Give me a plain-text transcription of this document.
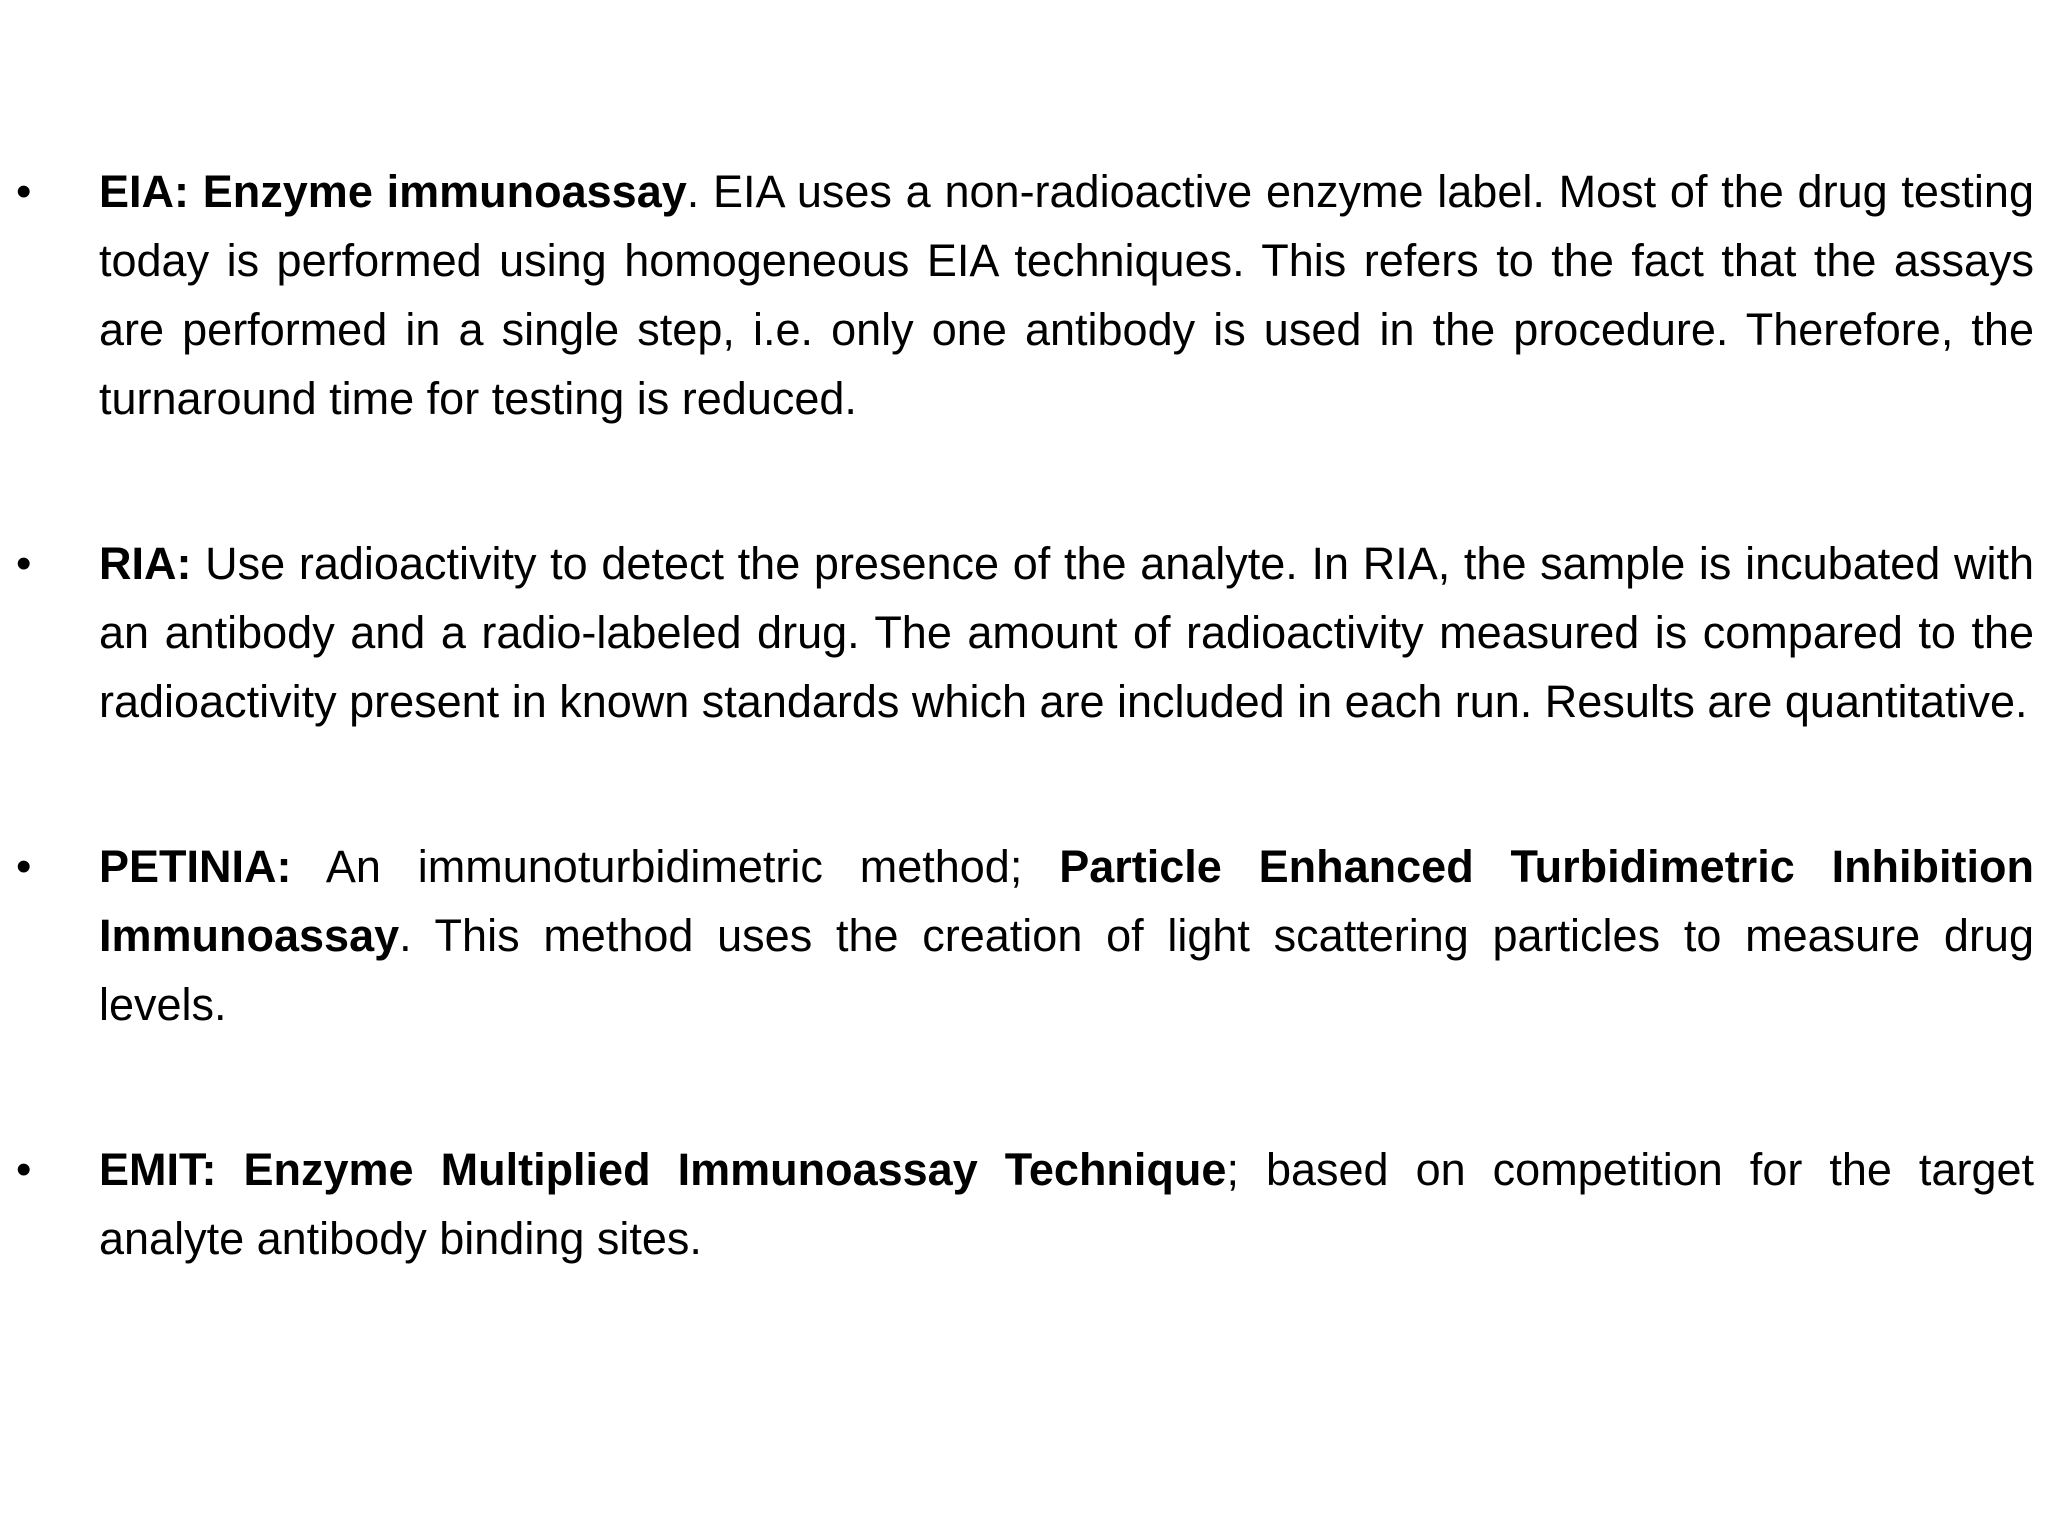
• EIA: Enzyme immunoassay. EIA uses a non-radioactive enzyme label. Most of the drug testing today is performed using homogeneous EIA techniques. This refers to the fact that the assays are performed in a single step, i.e. only one antibody is used in the procedure. Therefore, the turnaround time for testing is reduced.

• RIA: Use radioactivity to detect the presence of the analyte. In RIA, the sample is incubated with an antibody and a radio-labeled drug. The amount of radioactivity measured is compared to the radioactivity present in known standards which are included in each run. Results are quantitative.

• PETINIA: An immunoturbidimetric method; Particle Enhanced Turbidimetric Inhibition Immunoassay. This method uses the creation of light scattering particles to measure drug levels.

• EMIT: Enzyme Multiplied Immunoassay Technique; based on competition for the target analyte antibody binding sites.
